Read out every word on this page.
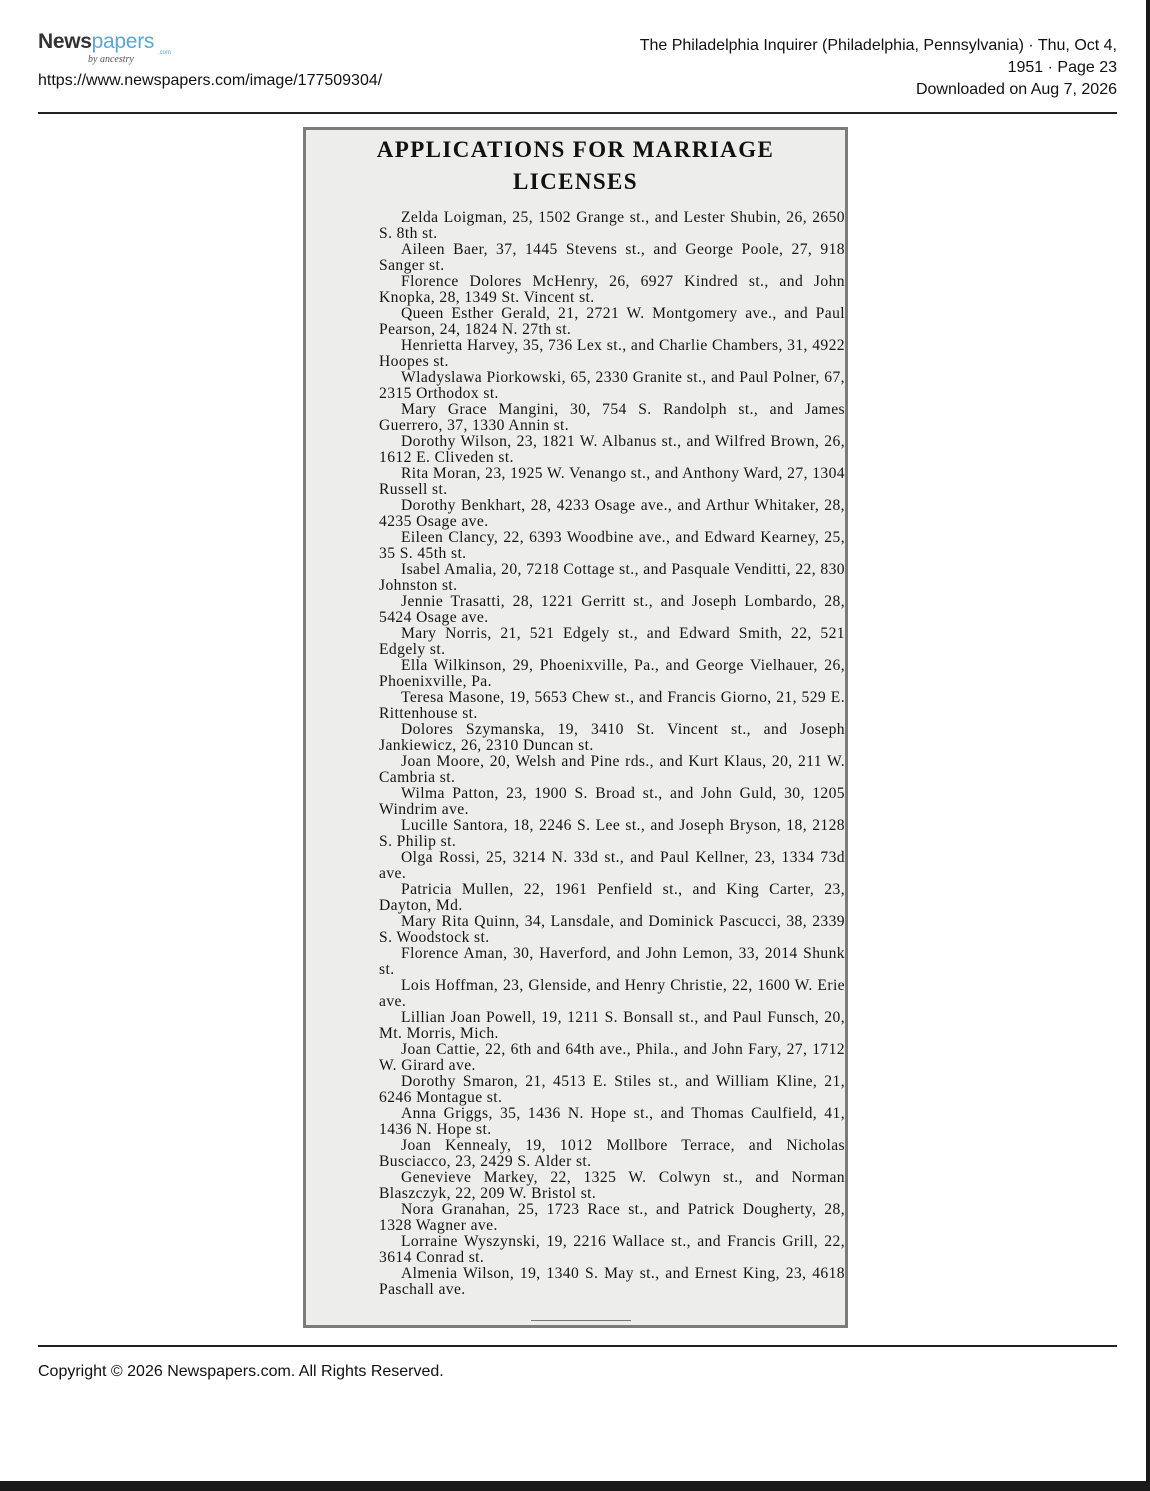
Newspapers .com
by ancestry
https://www.newspapers.com/image/177509304/
The Philadelphia Inquirer (Philadelphia, Pennsylvania) · Thu, Oct 4,
1951 · Page 23
Downloaded on Aug 7, 2026
APPLICATIONS FOR MARRIAGE
LICENSES

Zelda Loigman, 25, 1502 Grange st., and Lester Shubin, 26, 2650 S. 8th st.

Aileen Baer, 37, 1445 Stevens st., and George Poole, 27, 918 Sanger st.

Florence Dolores McHenry, 26, 6927 Kindred st., and John Knopka, 28, 1349 St. Vincent st.

Queen Esther Gerald, 21, 2721 W. Montgomery ave., and Paul Pearson, 24, 1824 N. 27th st.

Henrietta Harvey, 35, 736 Lex st., and Charlie Chambers, 31, 4922 Hoopes st.

Wladyslawa Piorkowski, 65, 2330 Granite st., and Paul Polner, 67, 2315 Orthodox st.

Mary Grace Mangini, 30, 754 S. Randolph st., and James Guerrero, 37, 1330 Annin st.

Dorothy Wilson, 23, 1821 W. Albanus st., and Wilfred Brown, 26, 1612 E. Cliveden st.

Rita Moran, 23, 1925 W. Venango st., and Anthony Ward, 27, 1304 Russell st.

Dorothy Benkhart, 28, 4233 Osage ave., and Arthur Whitaker, 28, 4235 Osage ave.

Eileen Clancy, 22, 6393 Woodbine ave., and Edward Kearney, 25, 35 S. 45th st.

Isabel Amalia, 20, 7218 Cottage st., and Pasquale Venditti, 22, 830 Johnston st.

Jennie Trasatti, 28, 1221 Gerritt st., and Joseph Lombardo, 28, 5424 Osage ave.

Mary Norris, 21, 521 Edgely st., and Edward Smith, 22, 521 Edgely st.

Ella Wilkinson, 29, Phoenixville, Pa., and George Vielhauer, 26, Phoenixville, Pa.

Teresa Masone, 19, 5653 Chew st., and Francis Giorno, 21, 529 E. Rittenhouse st.

Dolores Szymanska, 19, 3410 St. Vincent st., and Joseph Jankiewicz, 26, 2310 Duncan st.

Joan Moore, 20, Welsh and Pine rds., and Kurt Klaus, 20, 211 W. Cambria st.

Wilma Patton, 23, 1900 S. Broad st., and John Guld, 30, 1205 Windrim ave.

Lucille Santora, 18, 2246 S. Lee st., and Joseph Bryson, 18, 2128 S. Philip st.

Olga Rossi, 25, 3214 N. 33d st., and Paul Kellner, 23, 1334 73d ave.

Patricia Mullen, 22, 1961 Penfield st., and King Carter, 23, Dayton, Md.

Mary Rita Quinn, 34, Lansdale, and Dominick Pascucci, 38, 2339 S. Woodstock st.

Florence Aman, 30, Haverford, and John Lemon, 33, 2014 Shunk st.

Lois Hoffman, 23, Glenside, and Henry Christie, 22, 1600 W. Erie ave.

Lillian Joan Powell, 19, 1211 S. Bonsall st., and Paul Funsch, 20, Mt. Morris, Mich.

Joan Cattie, 22, 6th and 64th ave., Phila., and John Fary, 27, 1712 W. Girard ave.

Dorothy Smaron, 21, 4513 E. Stiles st., and William Kline, 21, 6246 Montague st.

Anna Griggs, 35, 1436 N. Hope st., and Thomas Caulfield, 41, 1436 N. Hope st.

Joan Kennealy, 19, 1012 Mollbore Terrace, and Nicholas Busciacco, 23, 2429 S. Alder st.

Genevieve Markey, 22, 1325 W. Colwyn st., and Norman Blaszczyk, 22, 209 W. Bristol st.

Nora Granahan, 25, 1723 Race st., and Patrick Dougherty, 28, 1328 Wagner ave.

Lorraine Wyszynski, 19, 2216 Wallace st., and Francis Grill, 22, 3614 Conrad st.

Almenia Wilson, 19, 1340 S. May st., and Ernest King, 23, 4618 Paschall ave.

Copyright © 2026 Newspapers.com. All Rights Reserved.
